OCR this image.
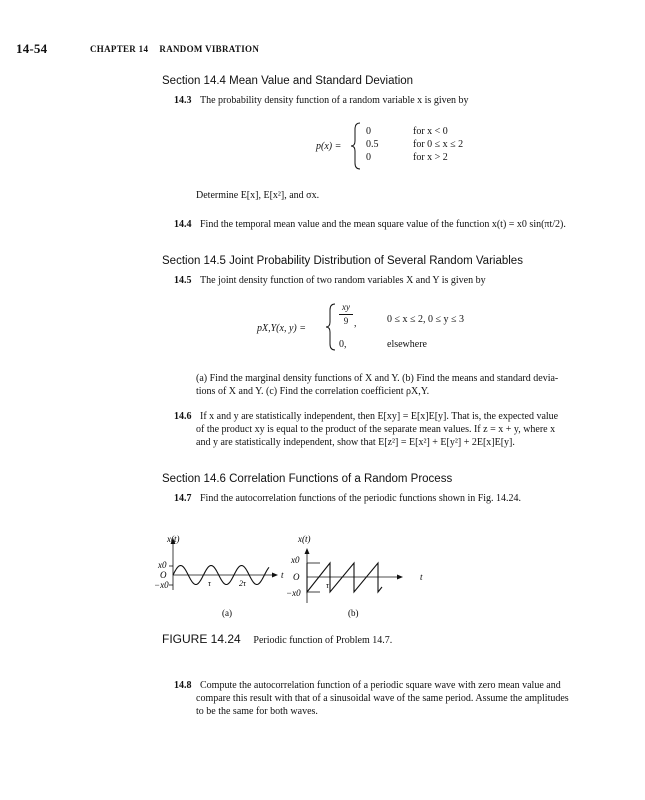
14-54	CHAPTER 14 RANDOM VIBRATION
Section 14.4 Mean Value and Standard Deviation
14.3 The probability density function of a random variable x is given by
p(x) =
0
0.5
0
for x < 0
for 0 ≤ x ≤ 2
for x > 2
Determine E[x], E[x²], and σx.
14.4 Find the temporal mean value and the mean square value of the function x(t) = x0 sin(πt/2).
Section 14.5 Joint Probability Distribution of Several Random Variables
14.5 The joint density function of two random variables X and Y is given by
pX,Y(x, y) =
xy
9 ,
0,
0 ≤ x ≤ 2, 0 ≤ y ≤ 3
elsewhere
(a) Find the marginal density functions of X and Y. (b) Find the means and standard devia-
tions of X and Y. (c) Find the correlation coefficient ρX,Y.
14.6 If x and y are statistically independent, then E[xy] = E[x]E[y]. That is, the expected value
of the product xy is equal to the product of the separate mean values. If z = x + y, where x
and y are statistically independent, show that E[z²] = E[x²] + E[y²] + 2E[x]E[y].
Section 14.6 Correlation Functions of a Random Process
14.7 Find the autocorrelation functions of the periodic functions shown in Fig. 14.24.
x(t)
x0
O
−x0	τ	2τ
t
(a)
x(t)
x0
O
−x0
τ
t
(b)
FIGURE 14.24 Periodic function of Problem 14.7.
14.8 Compute the autocorrelation function of a periodic square wave with zero mean value and
compare this result with that of a sinusoidal wave of the same period. Assume the amplitudes
to be the same for both waves.
